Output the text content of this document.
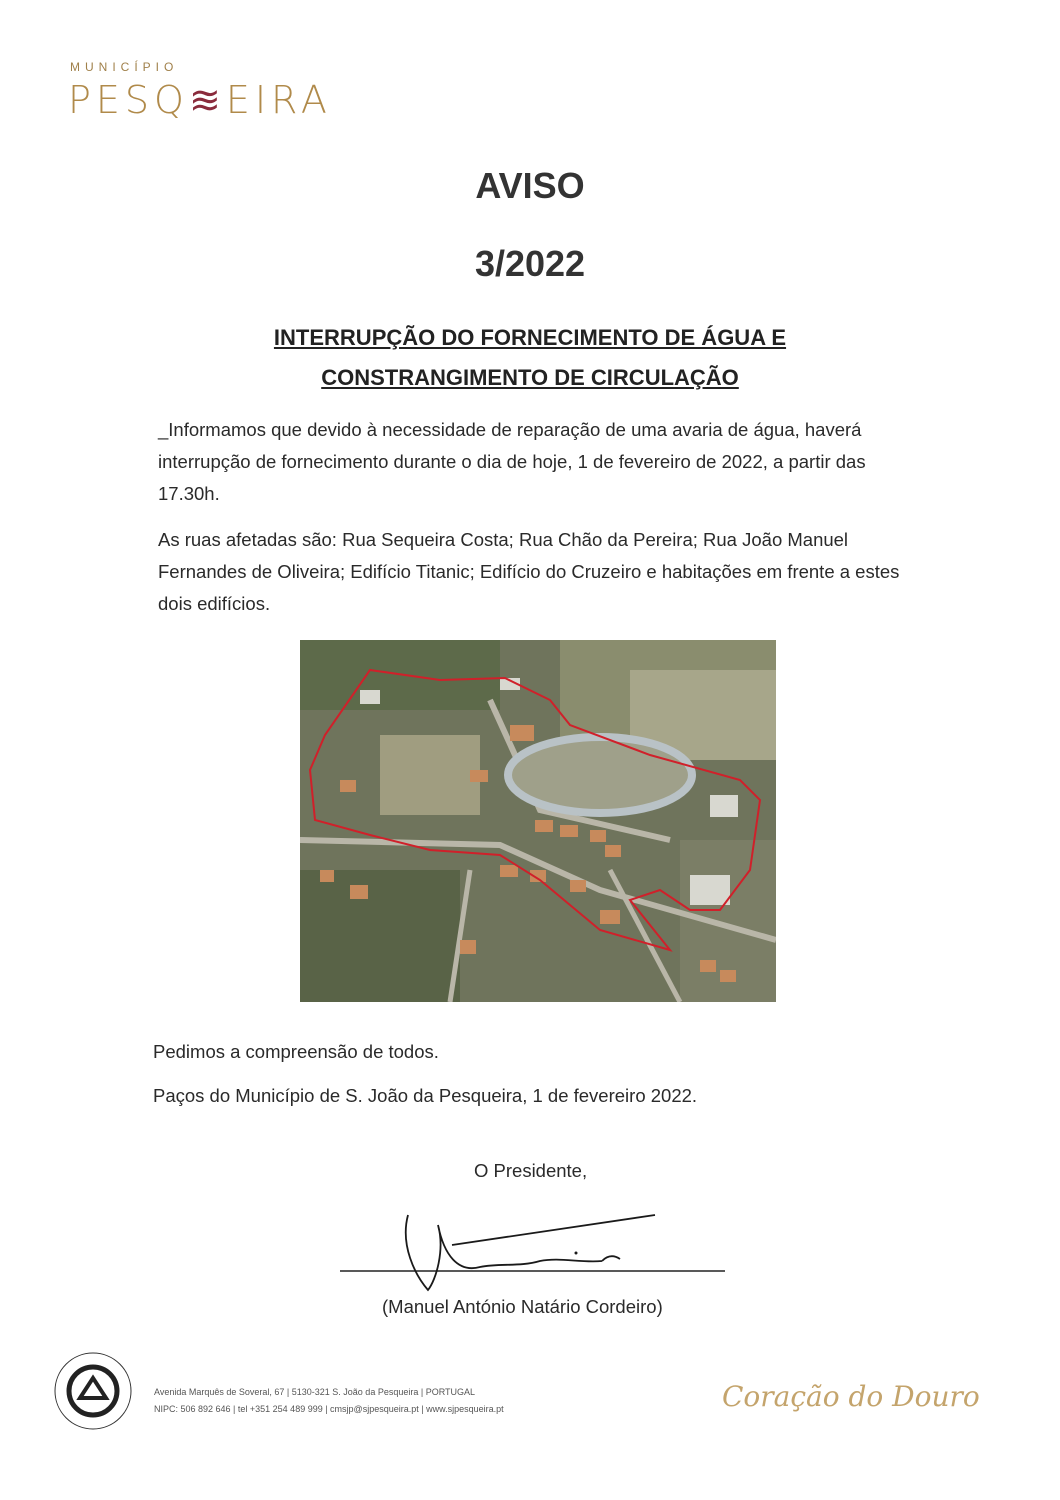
MUNICÍPIO
PESQ≋EIRA
AVISO
3/2022
INTERRUPÇÃO DO FORNECIMENTO DE ÁGUA E
CONSTRANGIMENTO DE CIRCULAÇÃO
_Informamos que devido à necessidade de reparação de uma avaria de água, haverá interrupção de fornecimento durante o dia de hoje, 1 de fevereiro de 2022, a partir das 17.30h.
As ruas afetadas são: Rua Sequeira Costa; Rua Chão da Pereira; Rua João Manuel Fernandes de Oliveira; Edifício Titanic; Edifício do Cruzeiro e habitações em frente a estes dois edifícios.
Pedimos a compreensão de todos.
Paços do Município de S. João da Pesqueira, 1 de fevereiro 2022.
O Presidente,
(Manuel António Natário Cordeiro)
Avenida Marquês de Soveral, 67 | 5130-321 S. João da Pesqueira | PORTUGAL
NIPC: 506 892 646 | tel +351 254 489 999 | cmsjp@sjpesqueira.pt | www.sjpesqueira.pt	Coração do Douro
